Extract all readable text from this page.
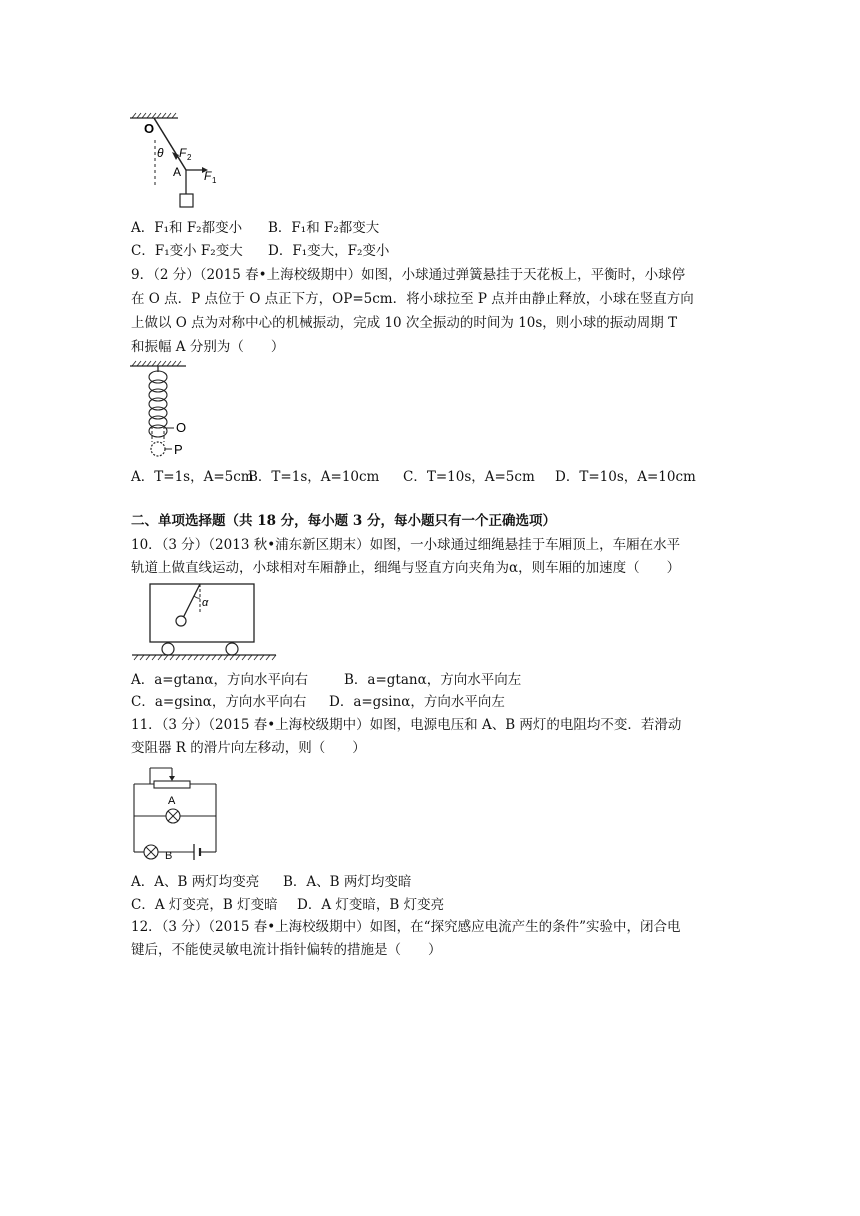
O
θ F 2
A F 1
A．F₁和 F₂都变小 B．F₁和 F₂都变大
C．F₁变小 F₂变大 D．F₁变大，F₂变小
9．（2 分）（2015 春•上海校级期中）如图，小球通过弹簧悬挂于天花板上，平衡时，小球停
在 O 点．P 点位于 O 点正下方，OP=5cm．将小球拉至 P 点并由静止释放，小球在竖直方向
上做以 O 点为对称中心的机械振动，完成 10 次全振动的时间为 10s，则小球的振动周期 T
和振幅 A 分别为（　　）
O
P
A．T=1s，A=5cm
B．T=1s，A=10cm C．T=10s，A=5cm D．T=10s，A=10cm
二、单项选择题（共 18 分，每小题 3 分，每小题只有一个正确选项）
10．（3 分）（2013 秋•浦东新区期末）如图，一小球通过细绳悬挂于车厢顶上，车厢在水平
轨道上做直线运动，小球相对车厢静止，细绳与竖直方向夹角为α，则车厢的加速度（　　）
α
A．a=gtanα，方向水平向右	B．a=gtanα，方向水平向左
C．a=gsinα，方向水平向右 D．a=gsinα，方向水平向左
11．（3 分）（2015 春•上海校级期中）如图，电源电压和 A、B 两灯的电阻均不变．若滑动
变阻器 R 的滑片向左移动，则（　　）
A
B
A．A、B 两灯均变亮 B．A、B 两灯均变暗
C．A 灯变亮，B 灯变暗 D．A 灯变暗，B 灯变亮
12．（3 分）（2015 春•上海校级期中）如图，在“探究感应电流产生的条件”实验中，闭合电
键后，不能使灵敏电流计指针偏转的措施是（　　）
